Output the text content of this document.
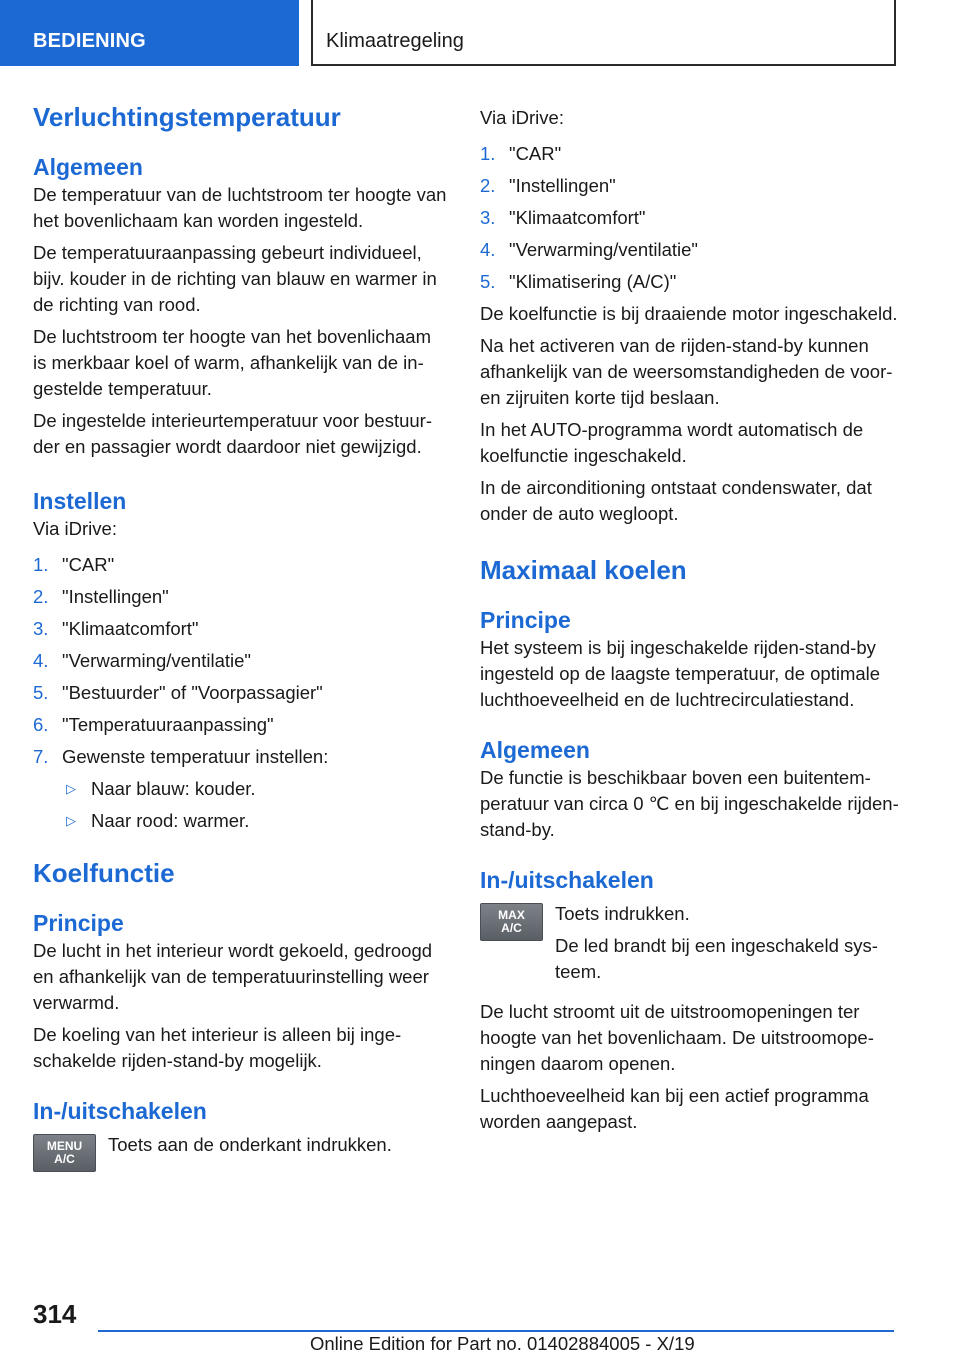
BEDIENING	Klimaatregeling
Verluchtingstemperatuur
Algemeen

De temperatuur van de luchtstroom ter hoogte van het bovenlichaam kan worden ingesteld.

De temperatuuraanpassing gebeurt individueel, bijv. kouder in de richting van blauw en warmer in de richting van rood.

De luchtstroom ter hoogte van het bovenlichaam is merkbaar koel of warm, afhankelijk van de ingestelde temperatuur.

De ingestelde interieurtemperatuur voor bestuurder en passagier wordt daardoor niet gewijzigd.

Instellen

Via iDrive:

1. "CAR"
2. "Instellingen"
3. "Klimaatcomfort"
4. "Verwarming/ventilatie"
5. "Bestuurder" of "Voorpassagier"
6. "Temperatuuraanpassing"
7. Gewenste temperatuur instellen:
▷ Naar blauw: kouder.
▷ Naar rood: warmer.
Koelfunctie
Principe

De lucht in het interieur wordt gekoeld, gedroogd en afhankelijk van de temperatuurinstelling weer verwarmd.

De koeling van het interieur is alleen bij ingeschakelde rijden-stand-by mogelijk.

In-/uitschakelen
MENU
A/C

Toets aan de onderkant indrukken.

Via iDrive:

1. "CAR"
2. "Instellingen"
3. "Klimaatcomfort"
4. "Verwarming/ventilatie"
5. "Klimatisering (A/C)"

De koelfunctie is bij draaiende motor ingeschakeld.

Na het activeren van de rijden-stand-by kunnen afhankelijk van de weersomstandigheden de voor- en zijruiten korte tijd beslaan.

In het AUTO-programma wordt automatisch de koelfunctie ingeschakeld.

In de airconditioning ontstaat condenswater, dat onder de auto wegloopt.

Maximaal koelen
Principe

Het systeem is bij ingeschakelde rijden-stand-by ingesteld op de laagste temperatuur, de optimale luchthoeveelheid en de luchtrecirculatiestand.

Algemeen

De functie is beschikbaar boven een buitentemperatuur van circa 0 ℃ en bij ingeschakelde rijden-stand-by.

In-/uitschakelen
MAX
A/C

Toets indrukken.

De led brandt bij een ingeschakeld systeem.

De lucht stroomt uit de uitstroomopeningen ter hoogte van het bovenlichaam. De uitstroomopeningen daarom openen.

Luchthoeveelheid kan bij een actief programma worden aangepast.

314
Online Edition for Part no. 01402884005 - X/19
